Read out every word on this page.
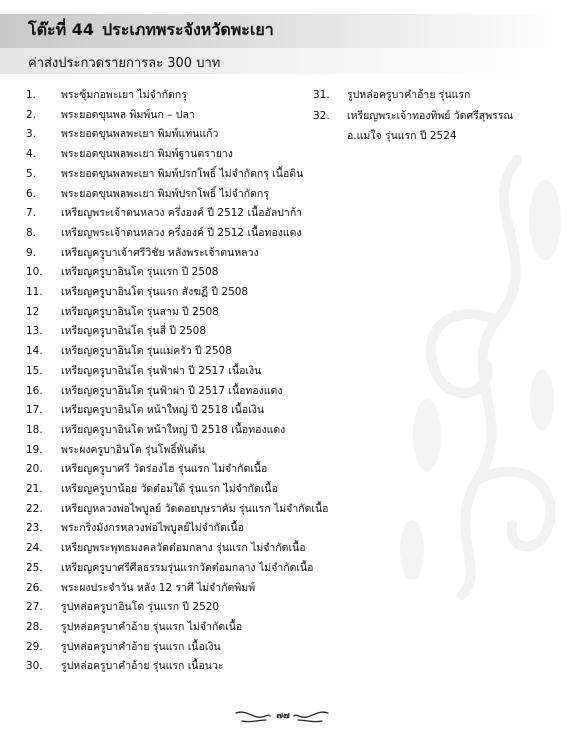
โต๊ะที่ 44 ประเภทพระจังหวัดพะเยา
ค่าส่งประกวดรายการละ 300 บาท
1. พระซุ้มกอพะเยา ไม่จำกัดกรุ
2. พระยอดขุนพล พิมพ์นก – ปลา
3. พระยอดขุนพลพะเยา พิมพ์แท่นแก้ว
4. พระยอดขุนพลพะเยา พิมพ์ฐานตรายาง
5. พระยอดขุนพลพะเยา พิมพ์ปรกโพธิ์ ไม่จำกัดกรุ เนื้อดิน
6. พระยอดขุนพลพะเยา พิมพ์ปรกโพธิ์ ไม่จำกัดกรุ
7. เหรียญพระเจ้าตนหลวง ครึ่งองค์ ปี 2512 เนื้ออัลปาก้า
8. เหรียญพระเจ้าตนหลวง ครึ่งองค์ ปี 2512 เนื้อทองแดง
9. เหรียญครูบาเจ้าศรีวิชัย หลังพระเจ้าตนหลวง
10. เหรียญครูบาอินโต รุ่นแรก ปี 2508
11. เหรียญครูบาอินโต รุ่นแรก สังฆฏี ปี 2508
12 เหรียญครูบาอินโต รุ่นสาม ปี 2508
13. เหรียญครูบาอินโต รุ่นสี่ ปี 2508
14. เหรียญครูบาอินโต รุ่นแม่ครัว ปี 2508
15. เหรียญครูบาอินโต รุ่นฟ้าผ่า ปี 2517 เนื้อเงิน
16. เหรียญครูบาอินโต รุ่นฟ้าผ่า ปี 2517 เนื้อทองแดง
17. เหรียญครูบาอินโต หน้าใหญ่ ปี 2518 เนื้อเงิน
18. เหรียญครูบาอินโต หน้าใหญ่ ปี 2518 เนื้อทองแดง
19. พระผงครูบาอินโต รุ่นโพธิ์พันต้น
20. เหรียญครูบาศรี วัดร่องไฮ รุ่นแรก ไม่จำกัดเนื้อ
21. เหรียญครูบาน้อย วัดต๋อมใต้ รุ่นแรก ไม่จำกัดเนื้อ
22. เหรียญหลวงพ่อไพบูลย์ วัดดอยบุษราคัม รุ่นแรก ไม่จำกัดเนื้อ
23. พระกริ่งมังกรหลวงพ่อไพบูลย์ไม่จำกัดเนื้อ
24. เหรียญพระพุทธมงคลวัดต๋อมกลาง รุ่นแรก ไม่จำกัดเนื้อ
25. เหรียญครูบาศรีศีลธรรมรุ่นแรกวัดต๋อมกลาง ไม่จำกัดเนื้อ
26. พระผงประจำวัน หลัง 12 ราศี ไม่จำกัดพิมพ์
27. รูปหล่อครูบาอินโต รุ่นแรก ปี 2520
28. รูปหล่อครูบาคำอ้าย รุ่นแรก ไม่จำกัดเนื้อ
29. รูปหล่อครูบาคำอ้าย รุ่นแรก เนื้อเงิน
30. รูปหล่อครูบาคำอ้าย รุ่นแรก เนื้อนวะ
31. รูปหล่อครูบาคำอ้าย รุ่นแรก
32. เหรียญพระเจ้าทองทิพย์ วัดศรีสุพรรณ
อ.แม่ใจ รุ่นแรก ปี 2524
๗๗
